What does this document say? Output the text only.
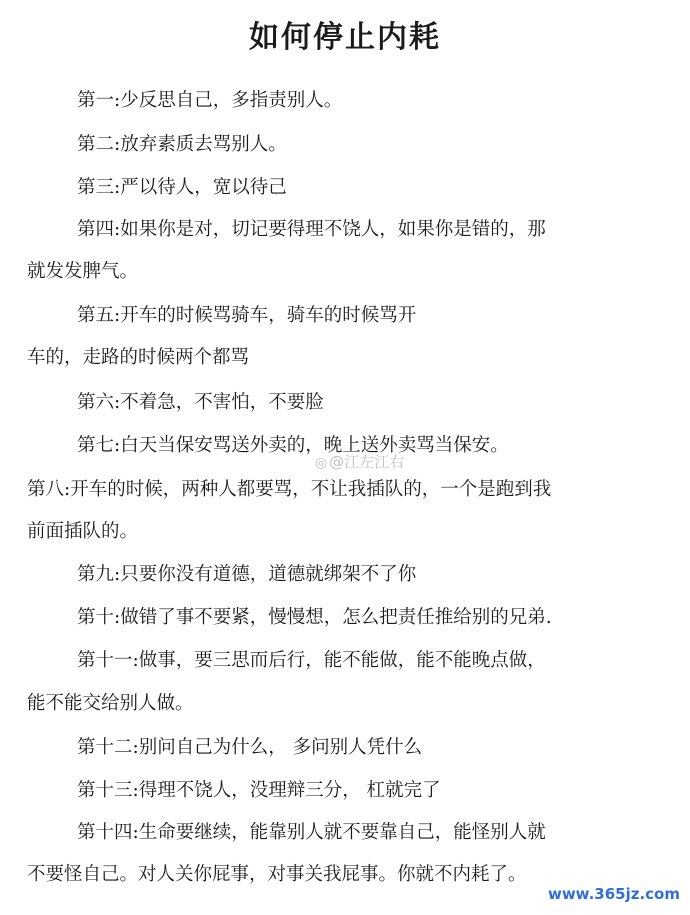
如何停止内耗
第一:少反思自己，多指责别人。
第二:放弃素质去骂别人。
第三:严以待人，宽以待己
第四:如果你是对，切记要得理不饶人，如果你是错的，那
就发发脾气。
第五:开车的时候骂骑车，骑车的时候骂开
车的，走路的时候两个都骂
第六:不着急，不害怕，不要脸
第七:白天当保安骂送外卖的，晚上送外卖骂当保安。
第八:开车的时候，两种人都要骂，不让我插队的，一个是跑到我
前面插队的。
第九:只要你没有道德，道德就绑架不了你
第十:做错了事不要紧，慢慢想，怎么把责任推给别的兄弟.
第十一:做事，要三思而后行，能不能做，能不能晚点做，
能不能交给别人做。
第十二:别问自己为什么， 多问别人凭什么
第十三:得理不饶人，没理辩三分， 杠就完了
第十四:生命要继续，能靠别人就不要靠自己，能怪别人就
不要怪自己。对人关你屁事，对事关我屁事。你就不内耗了。
◎ @江左江右
www.365jz.com
